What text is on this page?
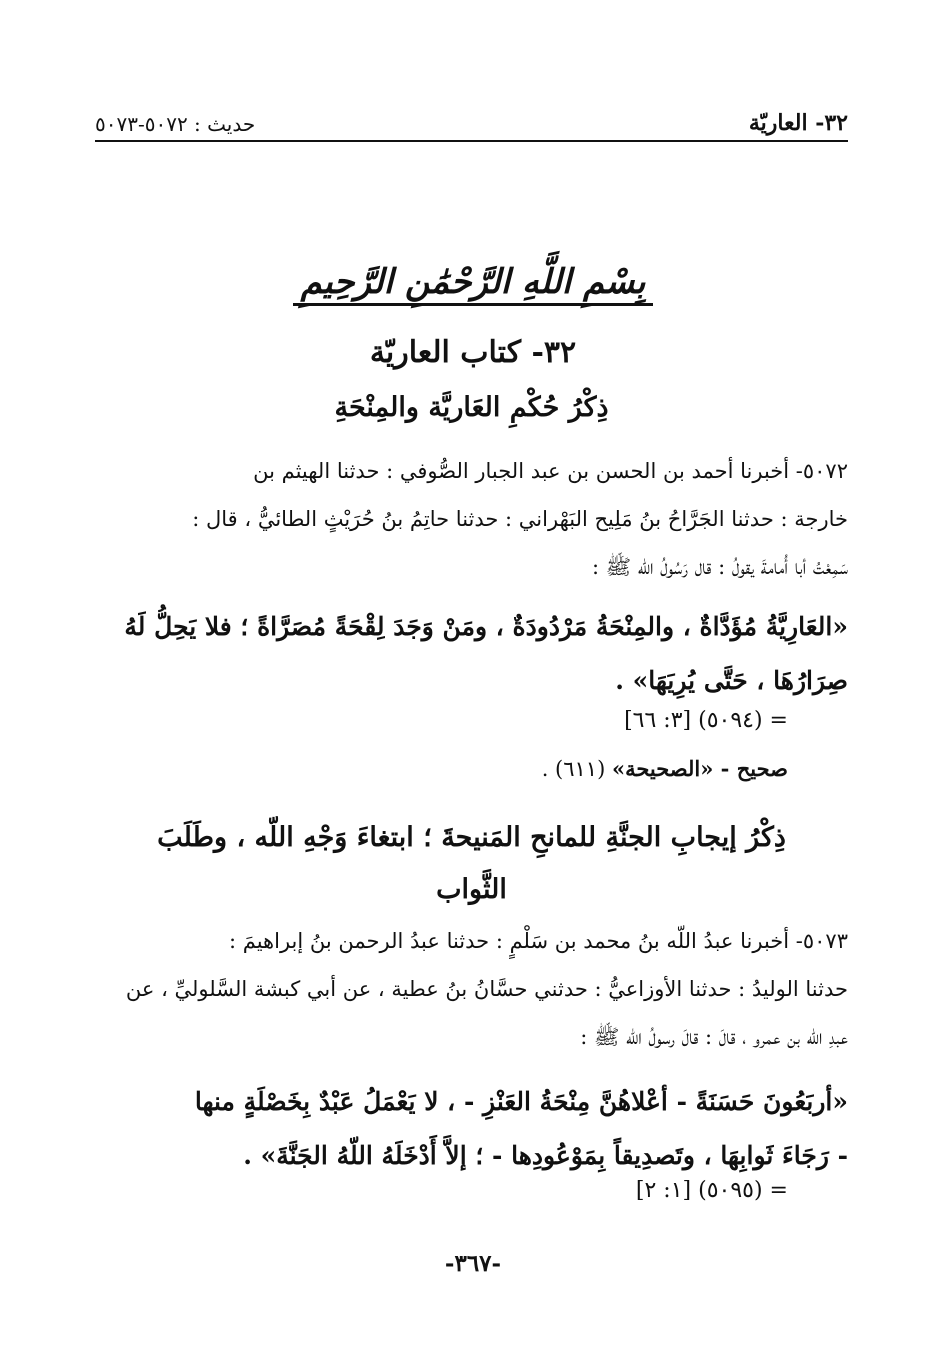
٣٢- العاريّة
حديث : ٥٠٧٢-٥٠٧٣
بِسْمِ اللَّهِ الرَّحْمَٰنِ الرَّحِيمِ
٣٢- كتاب العاريّة
ذِكْرُ حُكْمِ العَاريَّة والمِنْحَةِ
٥٠٧٢- أخبرنا أحمد بن الحسن بن عبد الجبار الصُّوفي : حدثنا الهيثم بن
خارجة : حدثنا الجَرَّاحُ بنُ مَلِيح البَهْراني : حدثنا حاتِمُ بنُ حُرَيْثٍ الطائيُّ ، قال :
سَمِعْتُ أبا أُمامةَ يقولُ : قال رَسُولُ اللّه ﷺ :
«العَارِيَّةُ مُؤَدَّاةٌ ، والمِنْحَةُ مَرْدُودَةٌ ، ومَنْ وَجَدَ لِقْحَةً مُصَرَّاةً ؛ فلا يَحِلُّ لَهُ
صِرَارُهَا ، حَتَّى يُرِيَهَا» .
= (٥٠٩٤) [٣: ٦٦]
صحيح - «الصحيحة» (٦١١) .
ذِكْرُ إيجابِ الجنَّةِ للمانحِ المَنيحةَ ؛ ابتغاءَ وَجْهِ اللّه ، وطَلَبَ
الثَّواب
٥٠٧٣- أخبرنا عبدُ اللّه بنُ محمد بن سَلْمٍ : حدثنا عبدُ الرحمن بنُ إبراهيمَ :
حدثنا الوليدُ : حدثنا الأوزاعيُّ : حدثني حسَّانُ بنُ عطية ، عن أبي كبشة السَّلوليِّ ، عن
عبدِ اللّه بن عمرو ، قالَ : قالَ رسولُ اللّه ﷺ :
«أربَعُونَ حَسَنَةً - أعْلاهُنَّ مِنْحَةُ العَنْزِ - ، لا يَعْمَلُ عَبْدٌ بِخَصْلَةٍ منها
- رَجَاءَ ثَوابِهَا ، وتَصدِيقاً بِمَوْعُودِها - ؛ إلاَّ أَدْخَلَهُ اللّهُ الجَنَّةَ» .
= (٥٠٩٥) [١: ٢]
-٣٦٧-
